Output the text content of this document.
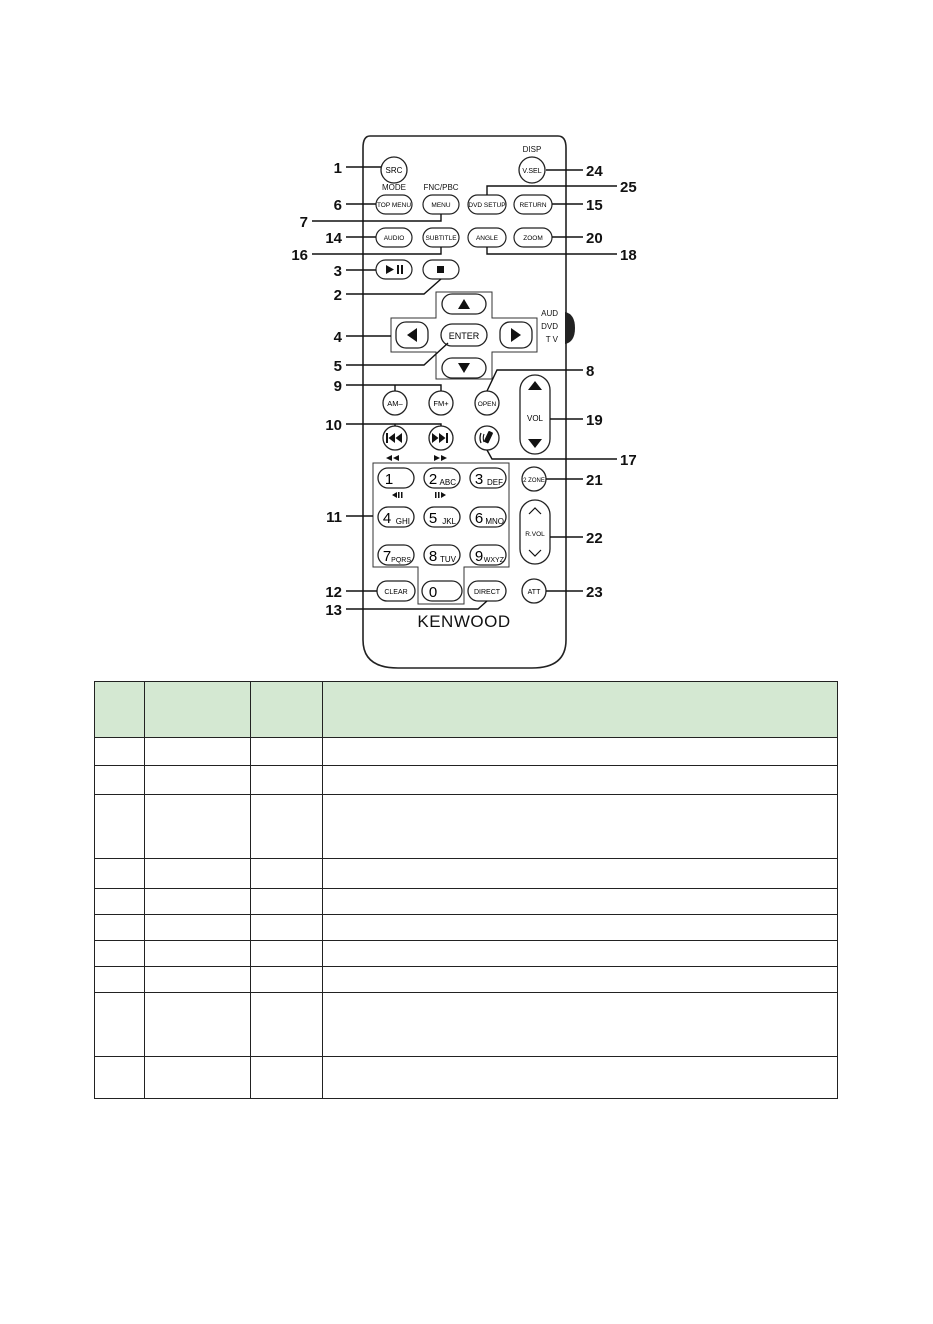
AUD
DVD
T V
DISP
MODE FNC/PBC
SRC	V.SEL
TOP MENU	MENU	DVD SETUP RETURN
AUDIO	SUBTITLE	ANGLE	ZOOM
ENTER
AM–	FM+	OPEN
VOL
1 2 ABC 3 DEF
4 GHI 5 JKL 6 MNO
7 PQRS 8 TUV 9 WXYZ
0
2 ZONE
R.VOL
CLEAR	DIRECT	ATT
KENWOOD
1
6
7
14
16
3
2
4
5
9
10
11
12
13
24
25
15
20
18
8
19
17
21
22
23
